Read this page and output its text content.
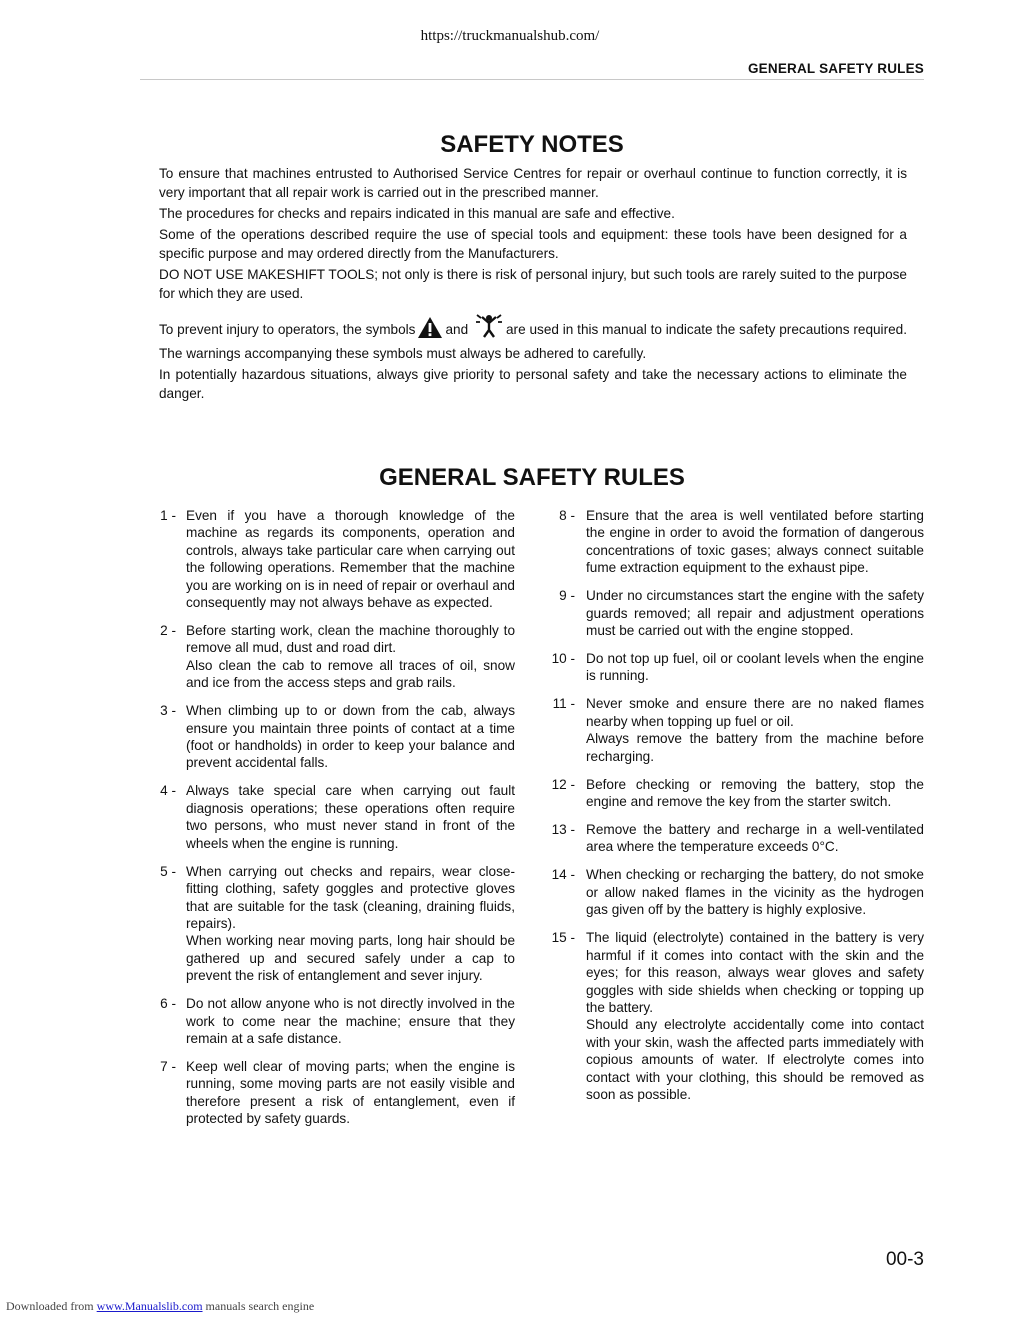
https://truckmanualshub.com/
GENERAL SAFETY RULES
SAFETY NOTES

To ensure that machines entrusted to Authorised Service Centres for repair or overhaul continue to function correctly, it is very important that all repair work is carried out in the prescribed manner.

The procedures for checks and repairs indicated in this manual are safe and effective.

Some of the operations described require the use of special tools and equipment: these tools have been designed for a specific purpose and may ordered directly from the Manufacturers.

DO NOT USE MAKESHIFT TOOLS; not only is there is risk of personal injury, but such tools are rarely suited to the purpose for which they are used.

To prevent injury to operators, the symbols and	are used in this manual to indicate the safety precautions required. The warnings accompanying these symbols must always be adhered to carefully.

In potentially hazardous situations, always give priority to personal safety and take the necessary actions to eliminate the danger.

GENERAL SAFETY RULES
1 - Even if you have a thorough knowledge of the machine as regards its components, operation and controls, always take particular care when carrying out the following operations. Remember that the machine you are working on is in need of repair or overhaul and consequently may not always behave as expected.
2 - Before starting work, clean the machine thoroughly to remove all mud, dust and road dirt.
Also clean the cab to remove all traces of oil, snow and ice from the access steps and grab rails.
3 - When climbing up to or down from the cab, always ensure you maintain three points of contact at a time (foot or handholds) in order to keep your balance and prevent accidental falls.
4 - Always take special care when carrying out fault diagnosis operations; these operations often require two persons, who must never stand in front of the wheels when the engine is running.
5 - When carrying out checks and repairs, wear close-fitting clothing, safety goggles and protective gloves that are suitable for the task (cleaning, draining fluids, repairs).
When working near moving parts, long hair should be gathered up and secured safely under a cap to prevent the risk of entanglement and sever injury.
6 - Do not allow anyone who is not directly involved in the work to come near the machine; ensure that they remain at a safe distance.
7 - Keep well clear of moving parts; when the engine is running, some moving parts are not easily visible and therefore present a risk of entanglement, even if protected by safety guards.
8 - Ensure that the area is well ventilated before starting the engine in order to avoid the formation of dangerous concentrations of toxic gases; always connect suitable fume extraction equipment to the exhaust pipe.
9 - Under no circumstances start the engine with the safety guards removed; all repair and adjustment operations must be carried out with the engine stopped.
10 - Do not top up fuel, oil or coolant levels when the engine is running.
11 - Never smoke and ensure there are no naked flames nearby when topping up fuel or oil.
Always remove the battery from the machine before recharging.
12 - Before checking or removing the battery, stop the engine and remove the key from the starter switch.
13 - Remove the battery and recharge in a well-ventilated area where the temperature exceeds 0°C.
14 - When checking or recharging the battery, do not smoke or allow naked flames in the vicinity as the hydrogen gas given off by the battery is highly explosive.
15 - The liquid (electrolyte) contained in the battery is very harmful if it comes into contact with the skin and the eyes; for this reason, always wear gloves and safety goggles with side shields when checking or topping up the battery.
Should any electrolyte accidentally come into contact with your skin, wash the affected parts immediately with copious amounts of water. If electrolyte comes into contact with your clothing, this should be removed as soon as possible.
00-3
Downloaded from www.Manualslib.com manuals search engine
